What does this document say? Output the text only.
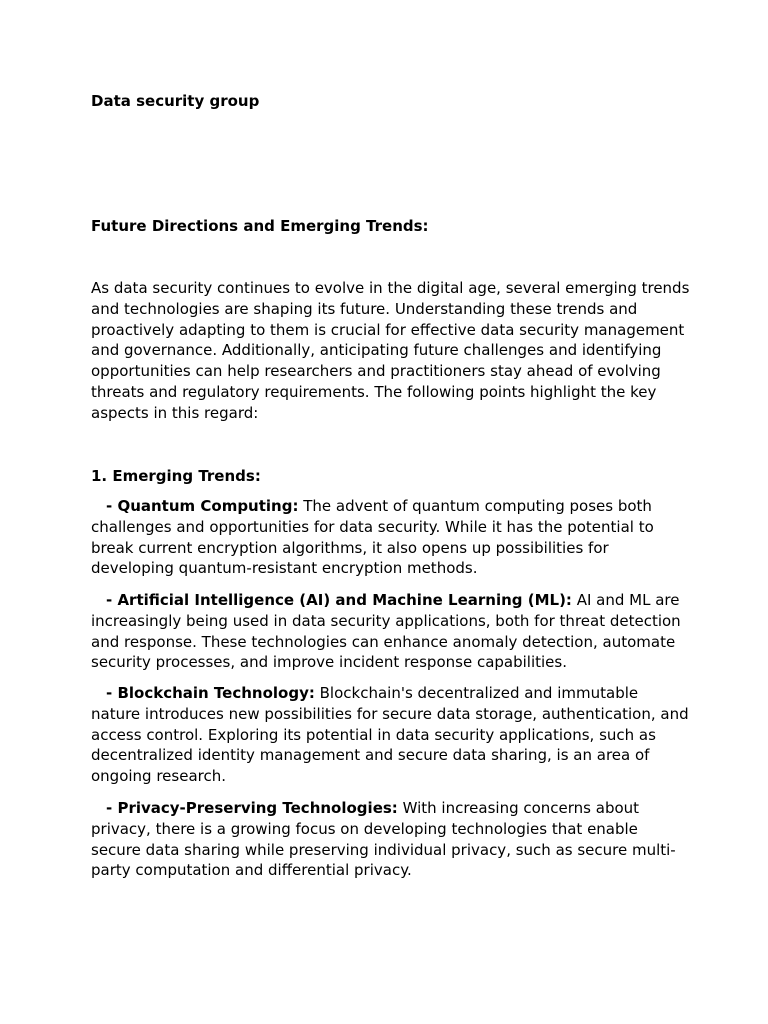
Data security group

Future Directions and Emerging Trends:

As data security continues to evolve in the digital age, several emerging trends and technologies are shaping its future. Understanding these trends and proactively adapting to them is crucial for effective data security management and governance. Additionally, anticipating future challenges and identifying opportunities can help researchers and practitioners stay ahead of evolving threats and regulatory requirements. The following points highlight the key aspects in this regard:

1. Emerging Trends:

- Quantum Computing: The advent of quantum computing poses both challenges and opportunities for data security. While it has the potential to break current encryption algorithms, it also opens up possibilities for developing quantum-resistant encryption methods.

- Artificial Intelligence (AI) and Machine Learning (ML): AI and ML are increasingly being used in data security applications, both for threat detection and response. These technologies can enhance anomaly detection, automate security processes, and improve incident response capabilities.

- Blockchain Technology: Blockchain's decentralized and immutable nature introduces new possibilities for secure data storage, authentication, and access control. Exploring its potential in data security applications, such as decentralized identity management and secure data sharing, is an area of ongoing research.

- Privacy-Preserving Technologies: With increasing concerns about privacy, there is a growing focus on developing technologies that enable secure data sharing while preserving individual privacy, such as secure multi-party computation and differential privacy.
